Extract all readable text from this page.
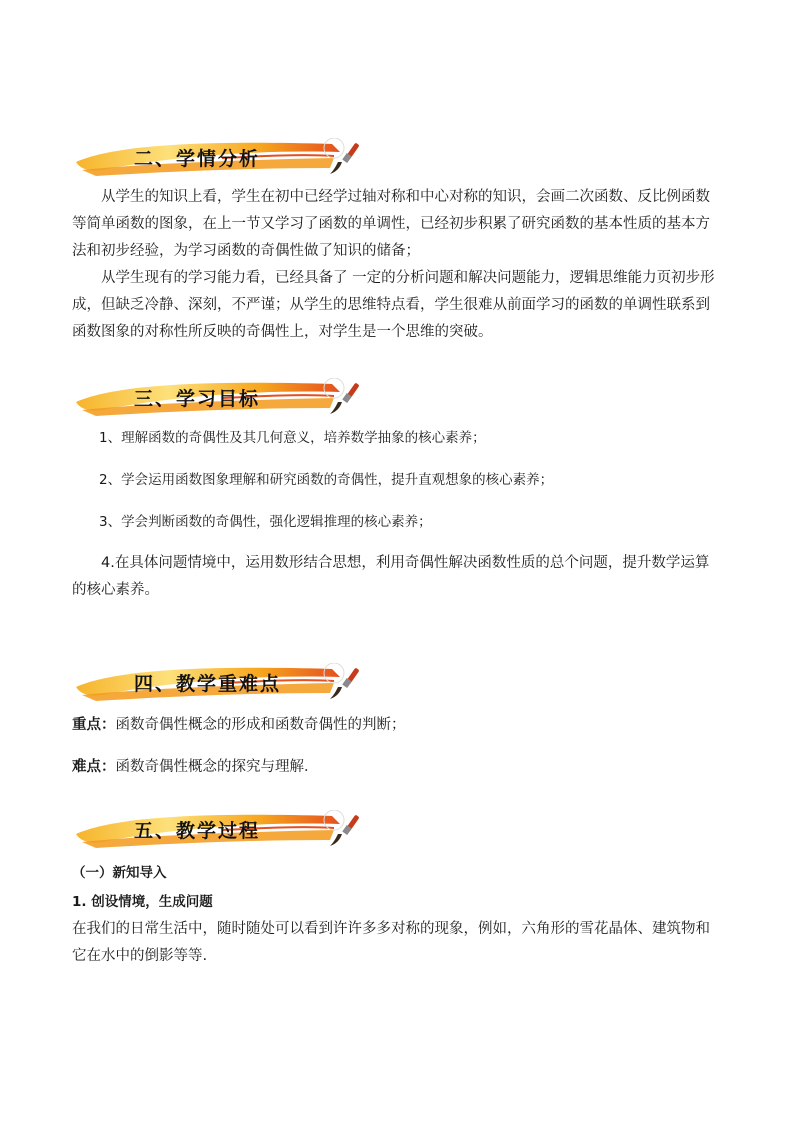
二、学情分析

从学生的知识上看，学生在初中已经学过轴对称和中心对称的知识，会画二次函数、反比例函数等简单函数的图象，在上一节又学习了函数的单调性，已经初步积累了研究函数的基本性质的基本方法和初步经验，为学习函数的奇偶性做了知识的储备；

从学生现有的学习能力看，已经具备了 一定的分析问题和解决问题能力，逻辑思维能力页初步形成，但缺乏冷静、深刻，不严谨；从学生的思维特点看，学生很难从前面学习的函数的单调性联系到函数图象的对称性所反映的奇偶性上，对学生是一个思维的突破。

三、学习目标

1、理解函数的奇偶性及其几何意义，培养数学抽象的核心素养；

2、学会运用函数图象理解和研究函数的奇偶性，提升直观想象的核心素养；

3、学会判断函数的奇偶性，强化逻辑推理的核心素养；

4.在具体问题情境中，运用数形结合思想，利用奇偶性解决函数性质的总个问题，提升数学运算的核心素养。

四、教学重难点

重点：函数奇偶性概念的形成和函数奇偶性的判断；

难点：函数奇偶性概念的探究与理解．

五、教学过程

（一）新知导入

1. 创设情境，生成问题

在我们的日常生活中，随时随处可以看到许许多多对称的现象，例如，六角形的雪花晶体、建筑物和它在水中的倒影等等.
